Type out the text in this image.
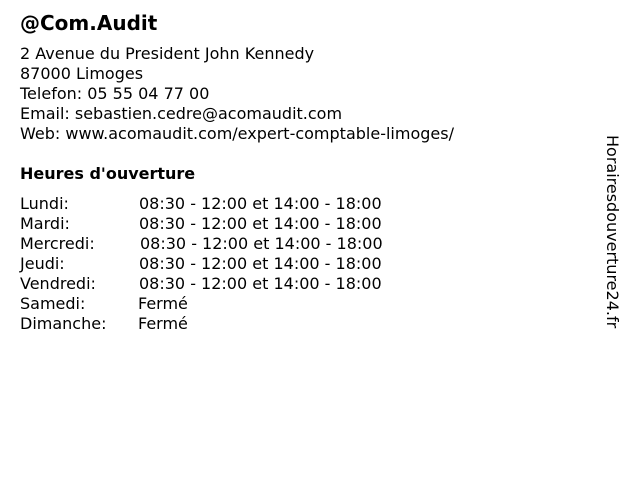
@Com.Audit
2 Avenue du President John Kennedy
87000 Limoges
Telefon: 05 55 04 77 00
Email: sebastien.cedre@acomaudit.com
Web: www.acomaudit.com/expert-comptable-limoges/
Heures d'ouverture
Lundi:	08:30 - 12:00 et 14:00 - 18:00
Mardi:	08:30 - 12:00 et 14:00 - 18:00
Mercredi:	08:30 - 12:00 et 14:00 - 18:00
Jeudi:	08:30 - 12:00 et 14:00 - 18:00
Vendredi:	08:30 - 12:00 et 14:00 - 18:00
Samedi:	Fermé
Dimanche: Fermé	Horairesdouverture24.fr
